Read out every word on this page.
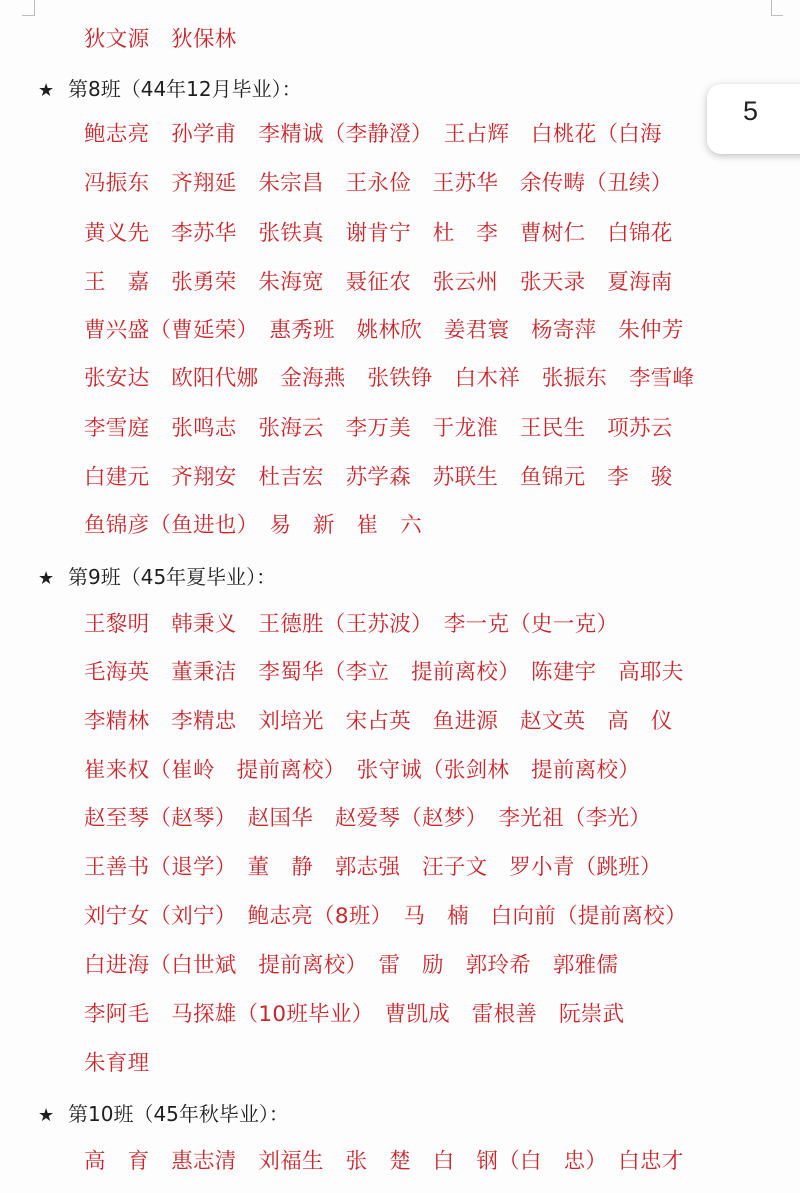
狄文源　狄保林
★ 第8班（44年12月毕业）：
鲍志亮　孙学甫　李精诚（李静澄）　王占辉　白桃花（白海
冯振东　齐翔延　朱宗昌　王永俭　王苏华　余传畴（丑续）
黄义先　李苏华　张铁真　谢肯宁　杜　李　曹树仁　白锦花
王　嘉　张勇荣　朱海宽　聂征农　张云州　张天录　夏海南
曹兴盛（曹延荣）　惠秀班　姚林欣　姜君寰　杨寄萍　朱仲芳
张安达　欧阳代娜　金海燕　张铁铮　白木祥　张振东　李雪峰
李雪庭　张鸣志　张海云　李万美　于龙淮　王民生　项苏云
白建元　齐翔安　杜吉宏　苏学森　苏联生　鱼锦元　李　骏
鱼锦彦（鱼进也）　易　新　崔　六
★ 第9班（45年夏毕业）：
王黎明　韩秉义　王德胜（王苏波）　李一克（史一克）
毛海英　董秉洁　李蜀华（李立　提前离校）　陈建宇　高耶夫
李精林　李精忠　刘培光　宋占英　鱼进源　赵文英　高　仪
崔来权（崔岭　提前离校）　张守诚（张剑林　提前离校）
赵至琴（赵琴）　赵国华　赵爱琴（赵梦）　李光祖（李光）
王善书（退学）　董　静　郭志强　汪子文　罗小青（跳班）
刘宁女（刘宁）　鲍志亮（8班）　马　楠　白向前（提前离校）
白进海（白世斌　提前离校）　雷　励　郭玲希　郭雅儒
李阿毛　马探雄（10班毕业）　曹凯成　雷根善　阮崇武
朱育理
★ 第10班（45年秋毕业）：
高　育　惠志清　刘福生　张　楚　白　钢（白　忠）　白忠才
5
